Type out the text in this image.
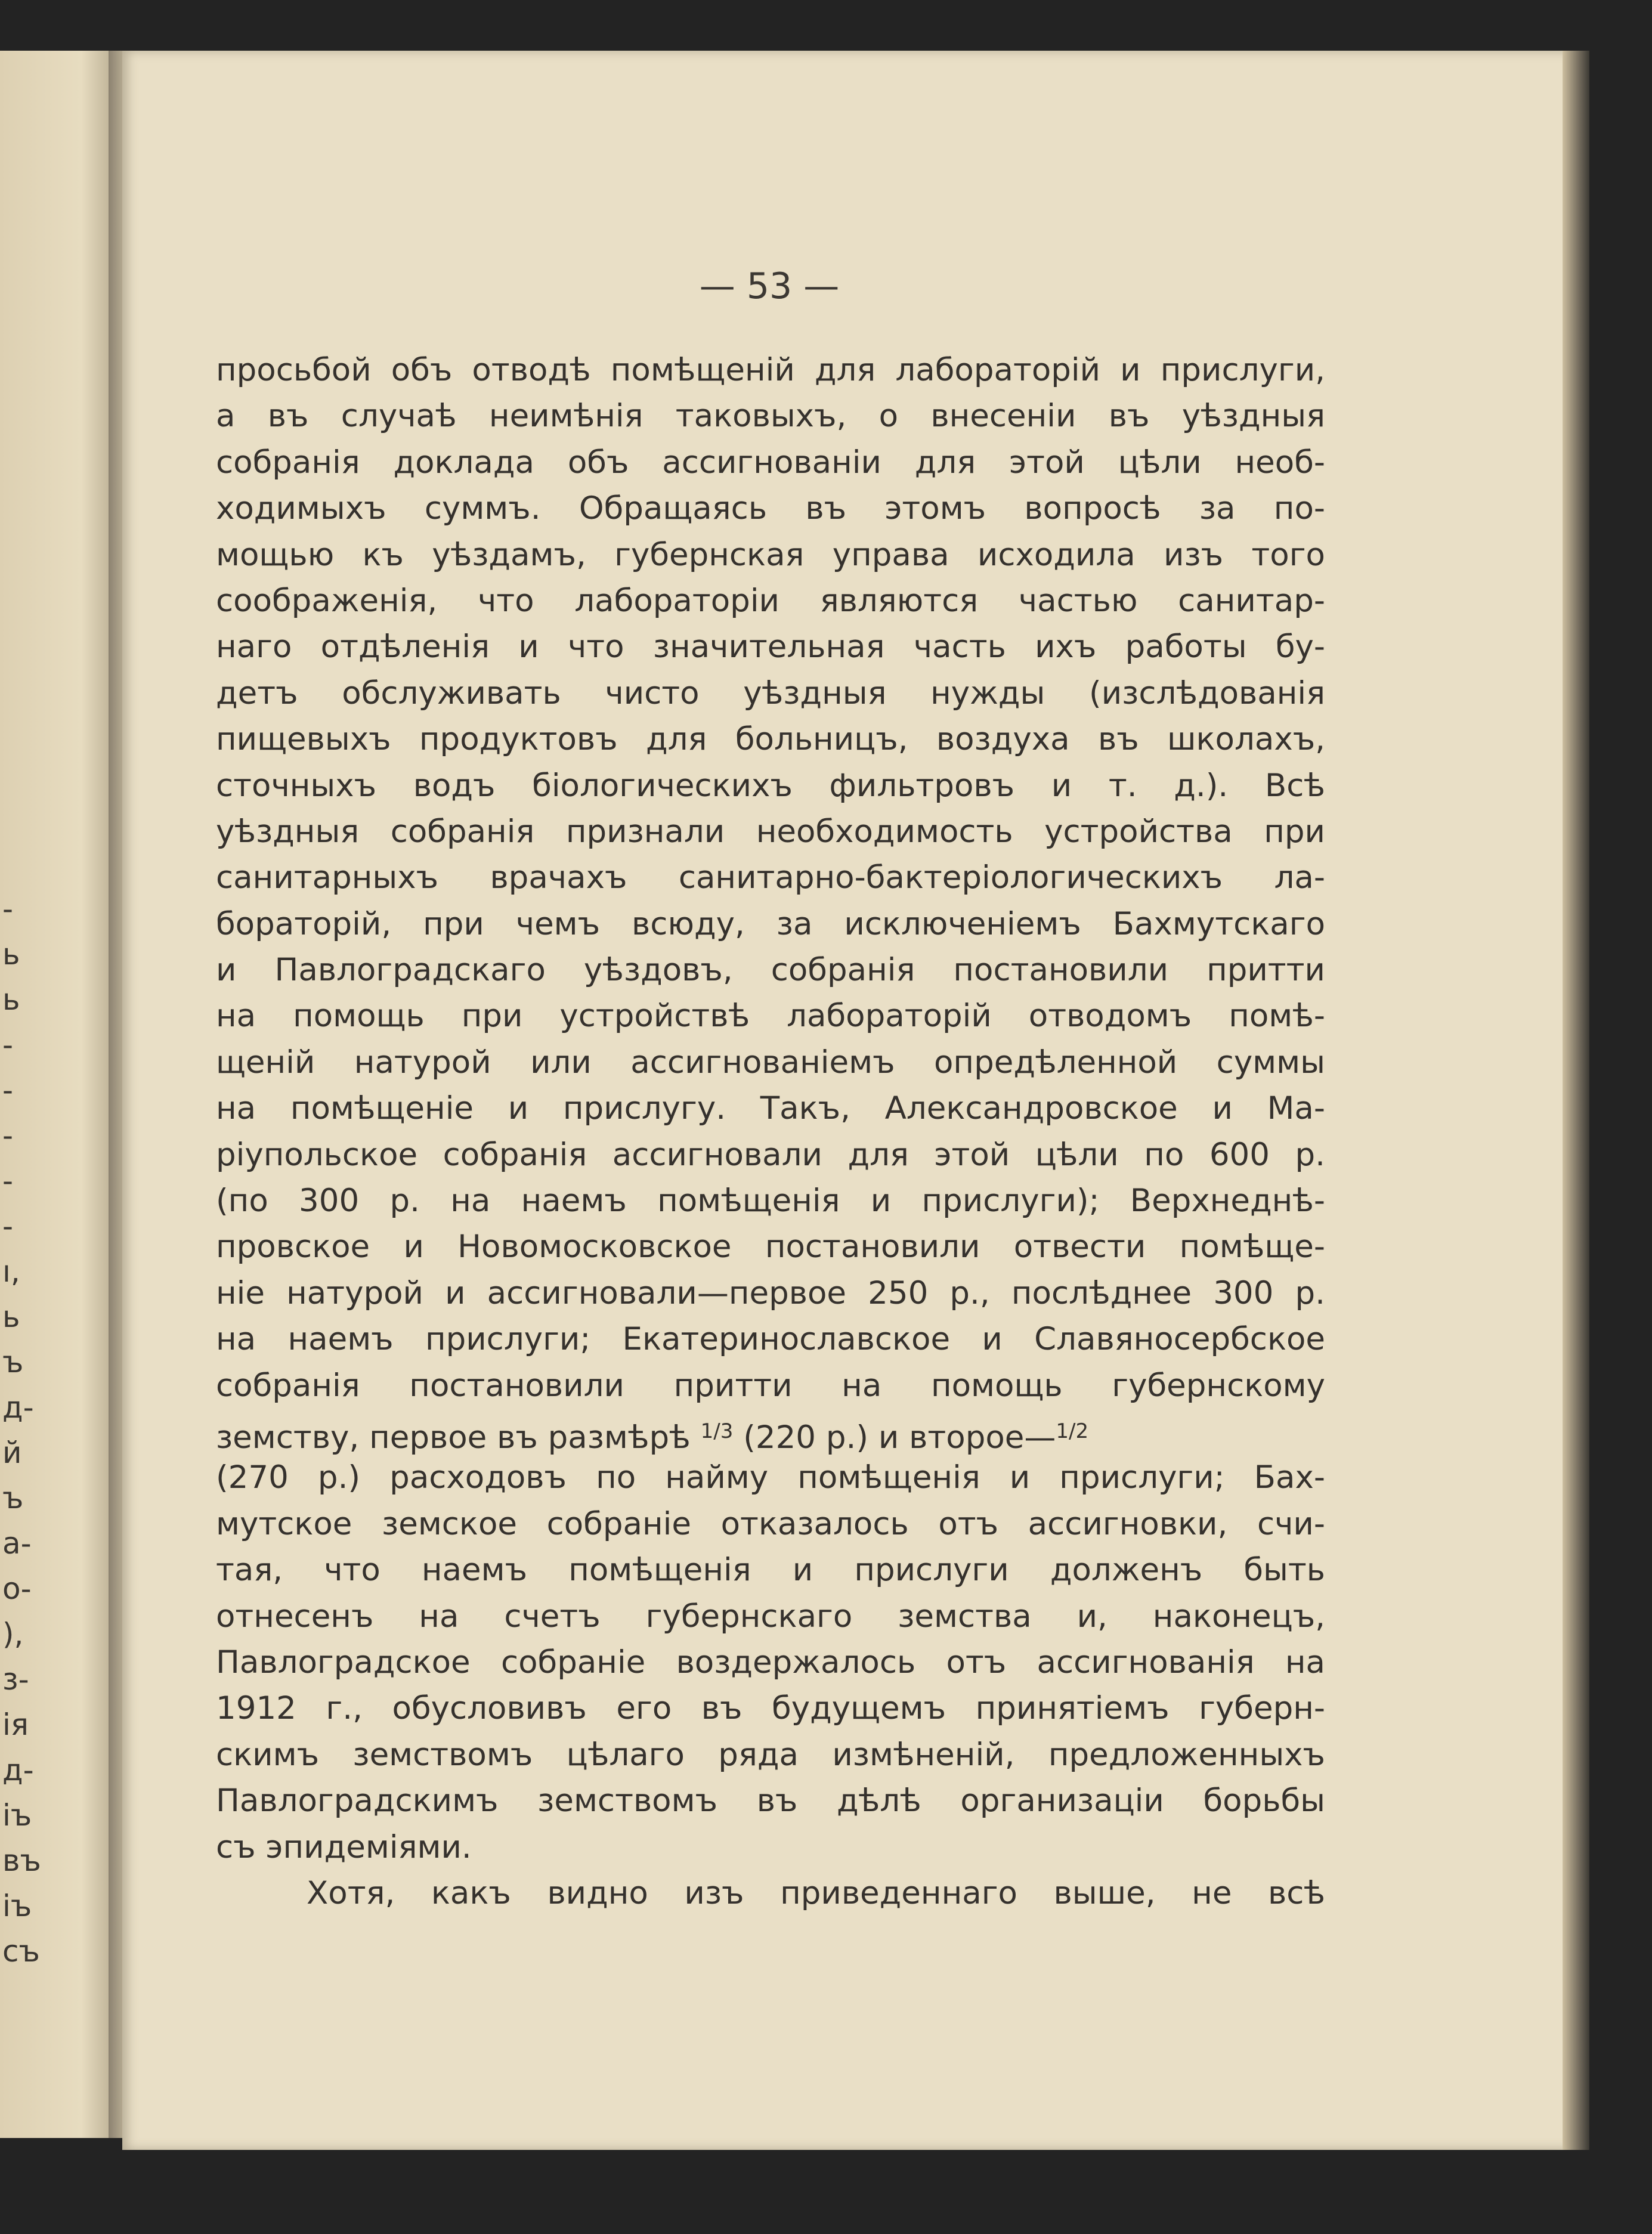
-
ь
ь
-
-
-
-
-
ı,
ь
ъ
д-
й
ъ
а-
о-
),
з-
ія
д-
іъ
въ
іъ
съ
— 53 —
просьбой объ отводѣ помѣщеній для лабораторій и прислуги,
а въ случаѣ неимѣнія таковыхъ, о внесеніи въ уѣздныя
собранія доклада объ ассигнованіи для этой цѣли необ-
ходимыхъ суммъ. Обращаясь въ этомъ вопросѣ за по-
мощью къ уѣздамъ, губернская управа исходила изъ того
соображенія, что лабораторіи являются частью санитар-
наго отдѣленія и что значительная часть ихъ работы бу-
детъ обслуживать чисто уѣздныя нужды (изслѣдованія
пищевыхъ продуктовъ для больницъ, воздуха въ школахъ,
сточныхъ водъ біологическихъ фильтровъ и т. д.). Всѣ
уѣздныя собранія признали необходимость устройства при
санитарныхъ врачахъ санитарно-бактеріологическихъ ла-
бораторій, при чемъ всюду, за исключеніемъ Бахмутскаго
и Павлоградскаго уѣздовъ, собранія постановили притти
на помощь при устройствѣ лабораторій отводомъ помѣ-
щеній натурой или ассигнованіемъ опредѣленной суммы
на помѣщеніе и прислугу. Такъ, Александровское и Ма-
ріупольское собранія ассигновали для этой цѣли по 600 р.
(по 300 р. на наемъ помѣщенія и прислуги); Верхнеднѣ-
провское и Новомосковское постановили отвести помѣще-
ніе натурой и ассигновали—первое 250 р., послѣднее 300 р.
на наемъ прислуги; Екатеринославское и Славяносербское
собранія постановили притти на помощь губернскому
земству, первое въ размѣрѣ $^{1/3}$ (220 р.) и второе—$^{1/2}$
(270 р.) расходовъ по найму помѣщенія и прислуги; Бах-
мутское земское собраніе отказалось отъ ассигновки, счи-
тая, что наемъ помѣщенія и прислуги долженъ быть
отнесенъ на счетъ губернскаго земства и, наконецъ,
Павлоградское собраніе воздержалось отъ ассигнованія на
1912 г., обусловивъ его въ будущемъ принятіемъ губерн-
скимъ земствомъ цѣлаго ряда измѣненій, предложенныхъ
Павлоградскимъ земствомъ въ дѣлѣ организаціи борьбы
съ эпидеміями.
Хотя, какъ видно изъ приведеннаго выше, не всѣ
